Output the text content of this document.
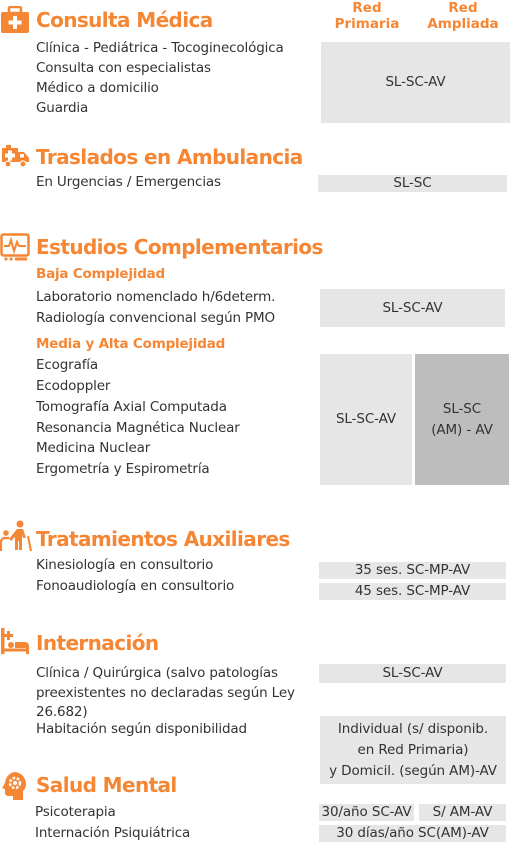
Red
Primaria
Red
Ampliada
Consulta Médica
Clínica - Pediátrica - Tocoginecológica
Consulta con especialistas
Médico a domicilio
Guardia
SL-SC-AV
Traslados en Ambulancia
En Urgencias / Emergencias	SL-SC
Estudios Complementarios
Baja Complejidad
Laboratorio nomenclado h/6determ.
Radiología convencional según PMO
SL-SC-AV
Media y Alta Complejidad
Ecografía
Ecodoppler
Tomografía Axial Computada
Resonancia Magnética Nuclear
Medicina Nuclear
Ergometría y Espirometría
SL-SC-AV
SL-SC
(AM) - AV
Tratamientos Auxiliares
Kinesiología en consultorio
Fonoaudiología en consultorio
35 ses. SC-MP-AV
45 ses. SC-MP-AV
Internación
Clínica / Quirúrgica (salvo patologías
preexistentes no declaradas según Ley
26.682)
Habitación según disponibilidad
SL-SC-AV
Individual (s/ disponib.
en Red Primaria)
y Domicil. (según AM)-AV
Salud Mental
Psicoterapia
Internación Psiquiátrica
30/año SC-AV	S/ AM-AV
30 días/año SC(AM)-AV
